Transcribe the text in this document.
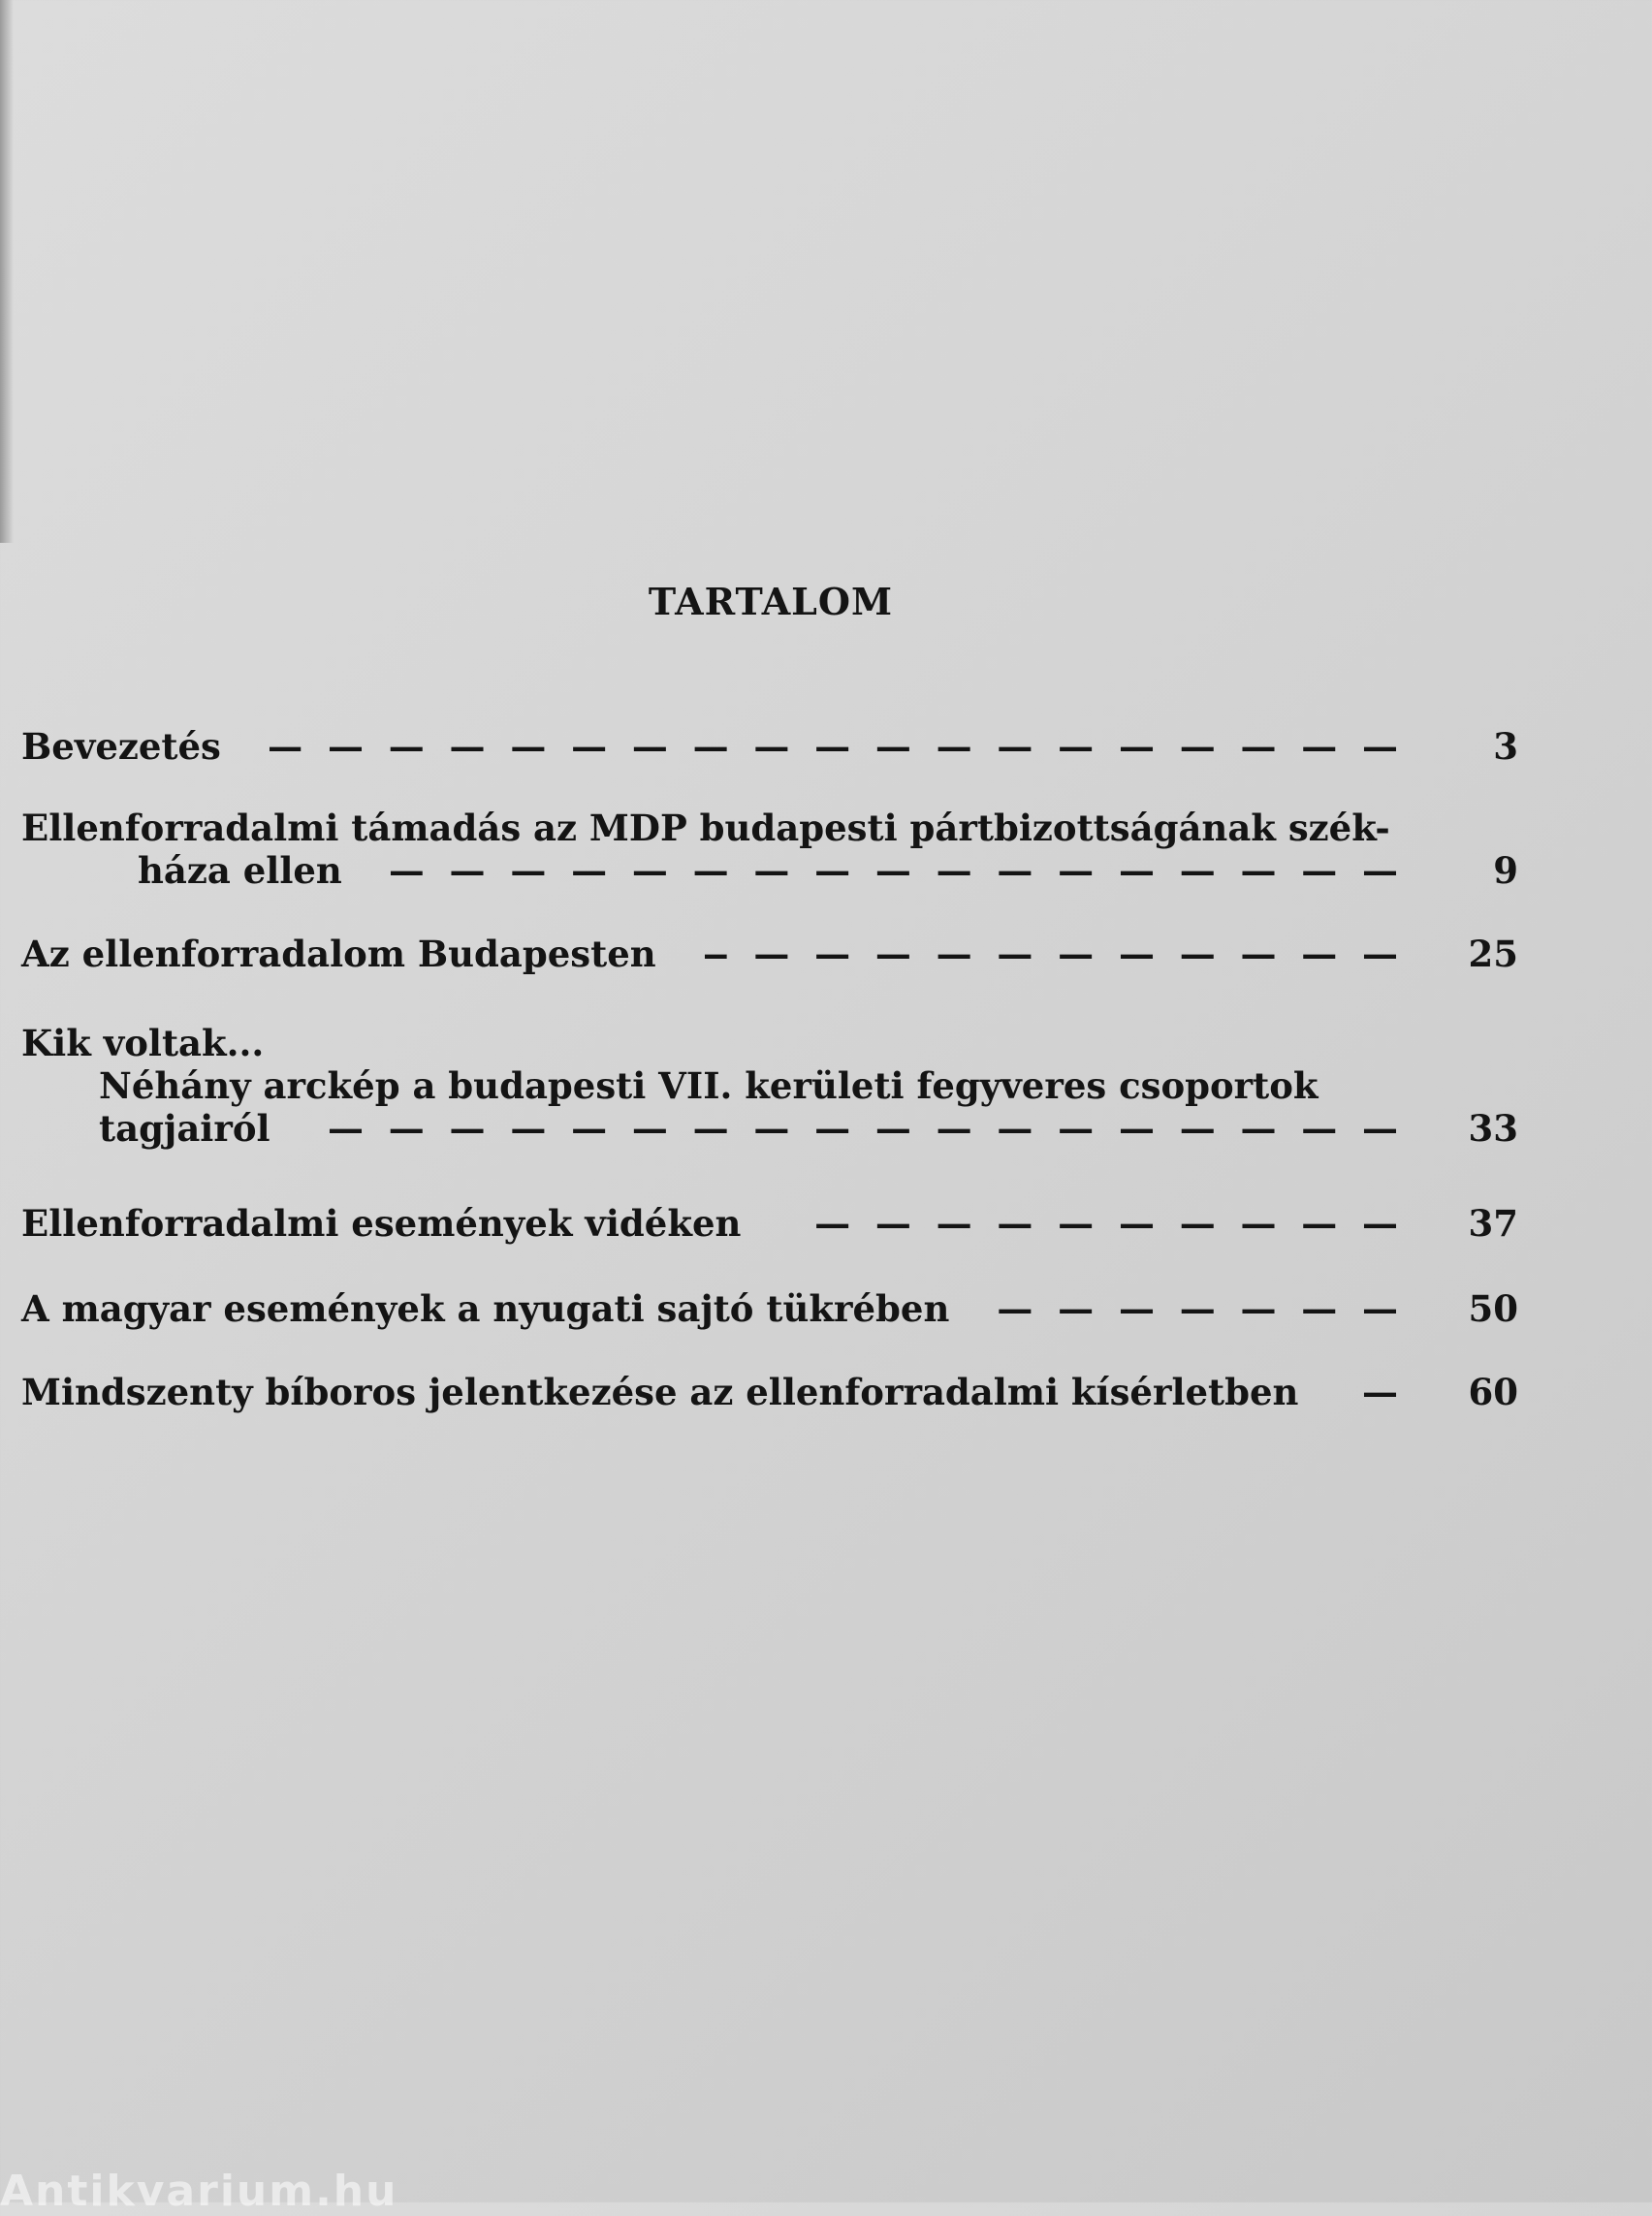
TARTALOM
Bevezetés —  —	3
Ellenforradalmi támadás az MDP budapesti pártbizottságának szék-
háza ellen —  —	9
Az ellenforradalom Budapesten —  —	25
Kik voltak...
Néhány arckép a budapesti VII. kerületi fegyveres csoportok
tagjairól —  —	33
Ellenforradalmi események vidéken —  —	37
A magyar események a nyugati sajtó tükrében —  —	50
Mindszenty bíboros jelentkezése az ellenforradalmi kísérletben —  —	60
Antikvarium.hu
